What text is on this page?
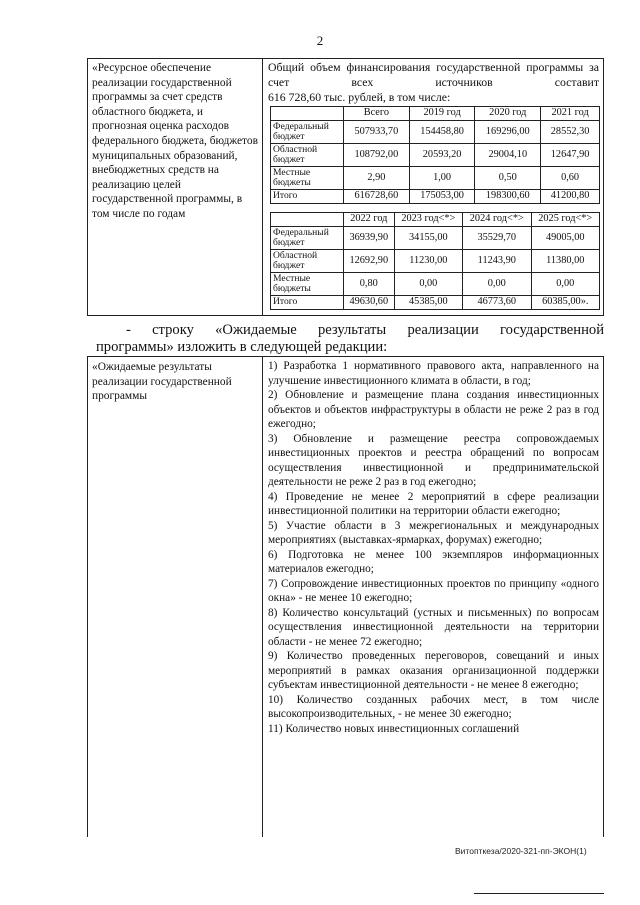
2
«Ресурсное обеспечение реализации государственной программы за счет средств областного бюджета, и прогнозная оценка расходов федерального бюджета, бюджетов муниципальных образований, внебюджетных средств на реализацию целей государственной программы, в том числе по годам
Общий объем финансирования государственной программы за счет всех источников составит
616 728,60 тыс. рублей, в том числе:
	Всего	2019 год	2020 год	2021 год
Федеральный бюджет	507933,70	154458,80	169296,00	28552,30
Областной бюджет	108792,00	20593,20	29004,10	12647,90
Местные бюджеты	2,90	1,00	0,50	0,60
Итого	616728,60	175053,00	198300,60	41200,80
	2022 год	2023 год<*>	2024 год<*>	2025 год<*>
Федеральный бюджет	36939,90	34155,00	35529,70	49005,00
Областной бюджет	12692,90	11230,00	11243,90	11380,00
Местные бюджеты	0,80	0,00	0,00	0,00
Итого	49630,60	45385,00	46773,60	60385,00».
- строку «Ожидаемые результаты реализации государственной
программы» изложить в следующей редакции:
«Ожидаемые результаты реализации государственной программы
1) Разработка 1 нормативного правового акта, направленного на улучшение инвестиционного климата в области, в год;
2) Обновление и размещение плана создания инвестиционных объектов и объектов инфраструктуры в области не реже 2 раз в год ежегодно;
3) Обновление и размещение реестра сопровождаемых инвестиционных проектов и реестра обращений по вопросам осуществления инвестиционной и предпринимательской деятельности не реже 2 раз в год ежегодно;
4) Проведение не менее 2 мероприятий в сфере реализации инвестиционной политики на территории области ежегодно;
5) Участие области в 3 межрегиональных и международных мероприятиях (выставках-ярмарках, форумах) ежегодно;
6) Подготовка не менее 100 экземпляров информационных материалов ежегодно;
7) Сопровождение инвестиционных проектов по принципу «одного окна» - не менее 10 ежегодно;
8) Количество консультаций (устных и письменных) по вопросам осуществления инвестиционной деятельности на территории области - не менее 72 ежегодно;
9) Количество проведенных переговоров, совещаний и иных мероприятий в рамках оказания организационной поддержки субъектам инвестиционной деятельности - не менее 8 ежегодно;
10) Количество созданных рабочих мест, в том числе высокопроизводительных, - не менее 30 ежегодно;
11) Количество новых инвестиционных соглашений
Витопткеза/2020-321-пп-ЭКОН(1)
